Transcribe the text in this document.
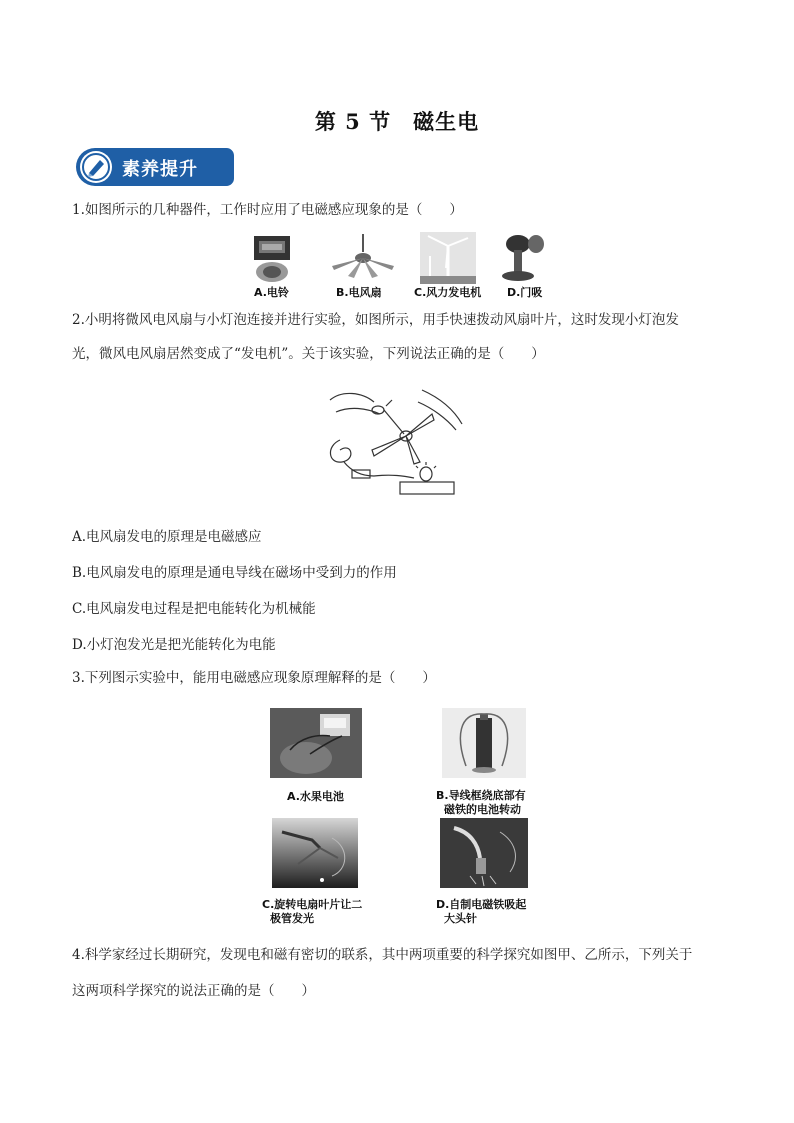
第 5 节 磁生电
素养提升
1.如图所示的几种器件，工作时应用了电磁感应现象的是（　　）
A.电铃	B.电风扇	C.风力发电机 D.门吸
2.小明将微风电风扇与小灯泡连接并进行实验，如图所示，用手快速拨动风扇叶片，这时发现小灯泡发
光，微风电风扇居然变成了“发电机”。关于该实验，下列说法正确的是（　　）
A.电风扇发电的原理是电磁感应
B.电风扇发电的原理是通电导线在磁场中受到力的作用
C.电风扇发电过程是把电能转化为机械能
D.小灯泡发光是把光能转化为电能
3.下列图示实验中，能用电磁感应现象原理解释的是（　　）
A.水果电池	B.导线框绕底部有
磁铁的电池转动
C.旋转电扇叶片让二
极管发光
D.自制电磁铁吸起
大头针
4.科学家经过长期研究，发现电和磁有密切的联系，其中两项重要的科学探究如图甲、乙所示，下列关于
这两项科学探究的说法正确的是（　　）
